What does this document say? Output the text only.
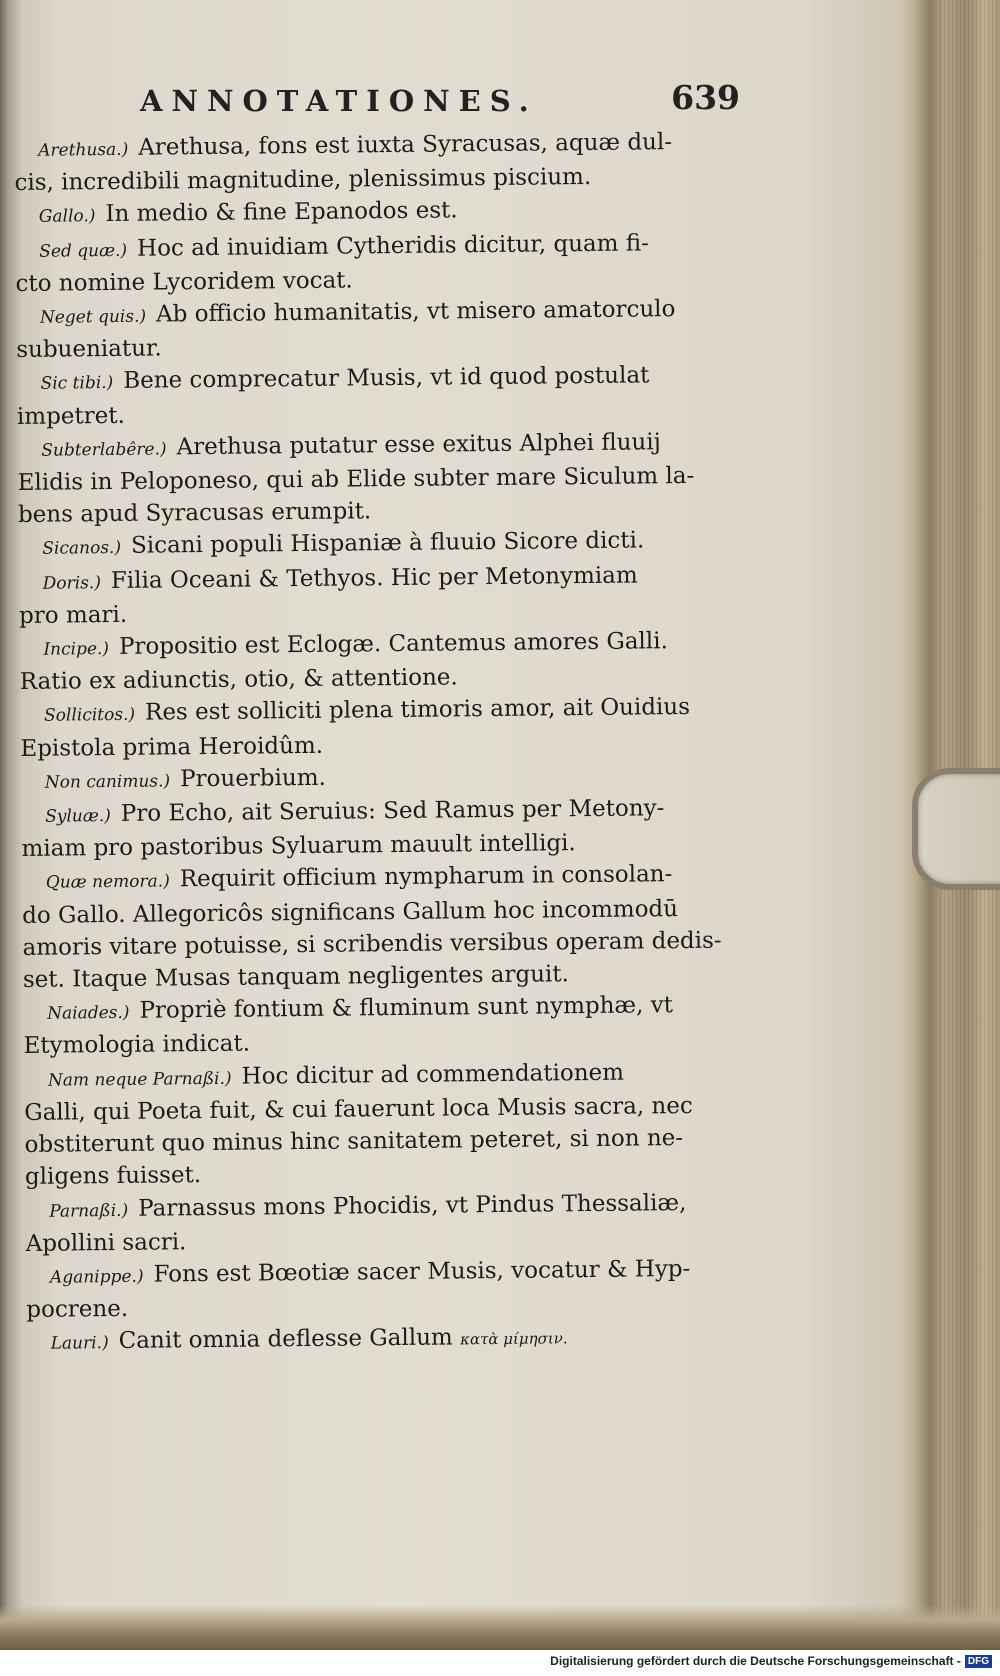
ANNOTATIONES.	639
Arethusa.) Arethusa, fons est iuxta Syracusas, aquæ dul-
cis, incredibili magnitudine, plenissimus piscium.
Gallo.) In medio & fine Epanodos est.
Sed quæ.) Hoc ad inuidiam Cytheridis dicitur, quam fi-
cto nomine Lycoridem vocat.
Neget quis.) Ab officio humanitatis, vt misero amatorculo
subueniatur.
Sic tibi.) Bene comprecatur Musis, vt id quod postulat
impetret.
Subterlabêre.) Arethusa putatur esse exitus Alphei fluuij
Elidis in Peloponeso, qui ab Elide subter mare Siculum la-
bens apud Syracusas erumpit.
Sicanos.) Sicani populi Hispaniæ à fluuio Sicore dicti.
Doris.) Filia Oceani & Tethyos. Hic per Metonymiam
pro mari.
Incipe.) Propositio est Eclogæ. Cantemus amores Galli.
Ratio ex adiunctis, otio, & attentione.
Sollicitos.) Res est solliciti plena timoris amor, ait Ouidius
Epistola prima Heroidûm.
Non canimus.) Prouerbium.
Syluæ.) Pro Echo, ait Seruius: Sed Ramus per Metony-
miam pro pastoribus Syluarum mauult intelligi.
Quæ nemora.) Requirit officium nympharum in consolan-
do Gallo. Allegoricôs significans Gallum hoc incommodū
amoris vitare potuisse, si scribendis versibus operam dedis-
set. Itaque Musas tanquam negligentes arguit.
Naiades.) Propriè fontium & fluminum sunt nymphæ, vt
Etymologia indicat.
Nam neque Parnaßi.) Hoc dicitur ad commendationem
Galli, qui Poeta fuit, & cui fauerunt loca Musis sacra, nec
obstiterunt quo minus hinc sanitatem peteret, si non ne-
gligens fuisset.
Parnaßi.) Parnassus mons Phocidis, vt Pindus Thessaliæ,
Apollini sacri.
Aganippe.) Fons est Bœotiæ sacer Musis, vocatur & Hyp-
pocrene.
Lauri.) Canit omnia deflesse Gallum κατὰ μίμησιν.
Digitalisierung gefördert durch die Deutsche Forschungsgemeinschaft - DFG
